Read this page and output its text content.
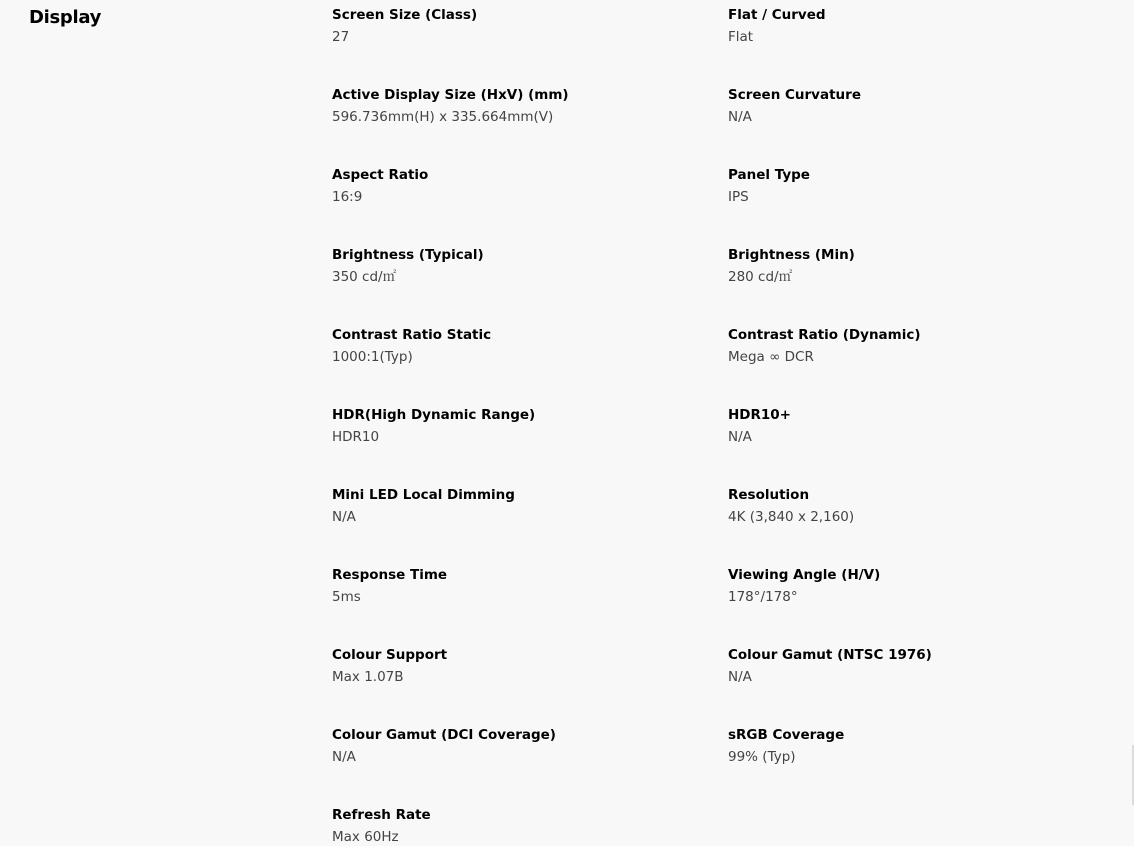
Display	Screen Size (Class)
27
Flat / Curved
Flat
Active Display Size (HxV) (mm)
596.736mm(H) x 335.664mm(V)
Screen Curvature
N/A
Aspect Ratio
16:9
Panel Type
IPS
Brightness (Typical)
350 cd/㎡
Brightness (Min)
280 cd/㎡
Contrast Ratio Static
1000:1(Typ)
Contrast Ratio (Dynamic)
Mega ∞ DCR
HDR(High Dynamic Range)
HDR10
HDR10+
N/A
Mini LED Local Dimming
N/A
Resolution
4K (3,840 x 2,160)
Response Time
5ms
Viewing Angle (H/V)
178°/178°
Colour Support
Max 1.07B
Colour Gamut (NTSC 1976)
N/A
Colour Gamut (DCI Coverage)
N/A
sRGB Coverage
99% (Typ)
Refresh Rate
Max 60Hz
